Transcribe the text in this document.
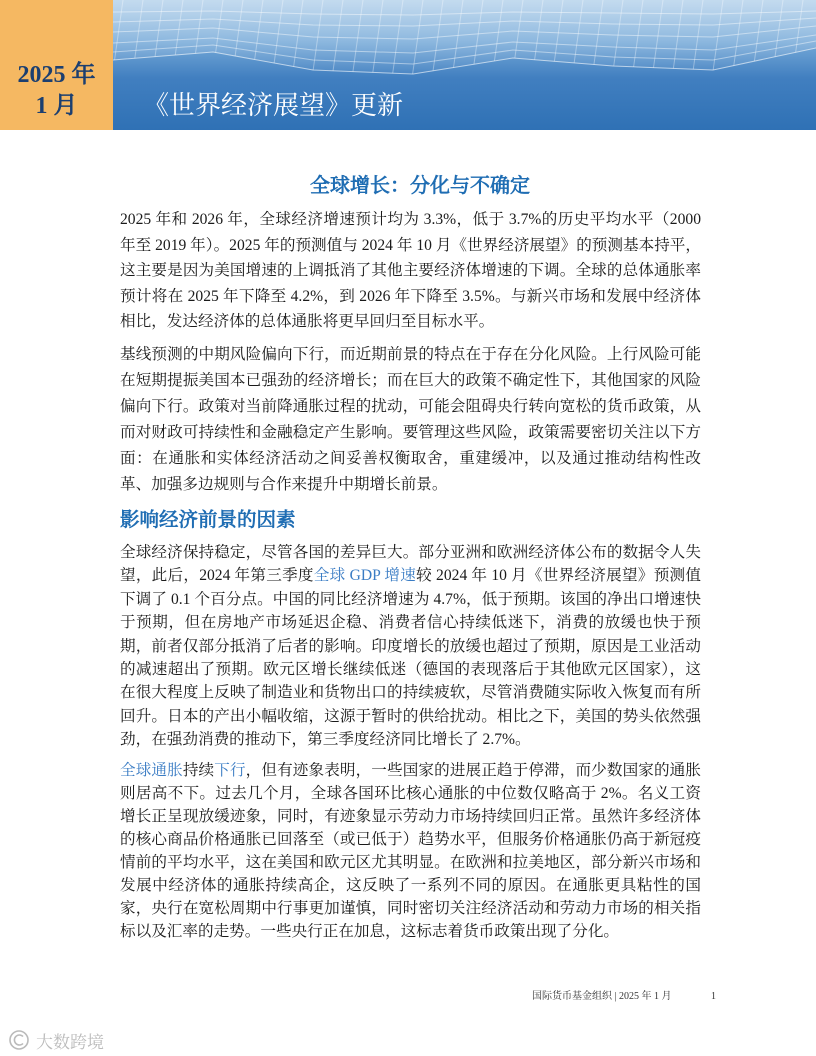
2025 年
1 月	《世界经济展望》更新
全球增长：分化与不确定

2025 年和 2026 年，全球经济增速预计均为 3.3%，低于 3.7%的历史平均水平（2000 年至 2019 年）。2025 年的预测值与 2024 年 10 月《世界经济展望》的预测基本持平，这主要是因为美国增速的上调抵消了其他主要经济体增速的下调。全球的总体通胀率预计将在 2025 年下降至 4.2%，到 2026 年下降至 3.5%。与新兴市场和发展中经济体相比，发达经济体的总体通胀将更早回归至目标水平。

基线预测的中期风险偏向下行，而近期前景的特点在于存在分化风险。上行风险可能在短期提振美国本已强劲的经济增长；而在巨大的政策不确定性下，其他国家的风险偏向下行。政策对当前降通胀过程的扰动，可能会阻碍央行转向宽松的货币政策，从而对财政可持续性和金融稳定产生影响。要管理这些风险，政策需要密切关注以下方面：在通胀和实体经济活动之间妥善权衡取舍，重建缓冲，以及通过推动结构性改革、加强多边规则与合作来提升中期增长前景。

影响经济前景的因素

全球经济保持稳定，尽管各国的差异巨大。部分亚洲和欧洲经济体公布的数据令人失望，此后，2024 年第三季度全球 GDP 增速较 2024 年 10 月《世界经济展望》预测值下调了 0.1 个百分点。中国的同比经济增速为 4.7%，低于预期。该国的净出口增速快于预期，但在房地产市场延迟企稳、消费者信心持续低迷下，消费的放缓也快于预期，前者仅部分抵消了后者的影响。印度增长的放缓也超过了预期，原因是工业活动的减速超出了预期。欧元区增长继续低迷（德国的表现落后于其他欧元区国家），这在很大程度上反映了制造业和货物出口的持续疲软，尽管消费随实际收入恢复而有所回升。日本的产出小幅收缩，这源于暂时的供给扰动。相比之下，美国的势头依然强劲，在强劲消费的推动下，第三季度经济同比增长了 2.7%。

全球通胀持续下行，但有迹象表明，一些国家的进展正趋于停滞，而少数国家的通胀则居高不下。过去几个月，全球各国环比核心通胀的中位数仅略高于 2%。名义工资增长正呈现放缓迹象，同时，有迹象显示劳动力市场持续回归正常。虽然许多经济体的核心商品价格通胀已回落至（或已低于）趋势水平，但服务价格通胀仍高于新冠疫情前的平均水平，这在美国和欧元区尤其明显。在欧洲和拉美地区，部分新兴市场和发展中经济体的通胀持续高企，这反映了一系列不同的原因。在通胀更具粘性的国家，央行在宽松周期中行事更加谨慎，同时密切关注经济活动和劳动力市场的相关指标以及汇率的走势。一些央行正在加息，这标志着货币政策出现了分化。

国际货币基金组织 | 2025 年 1 月	1
大数跨境
